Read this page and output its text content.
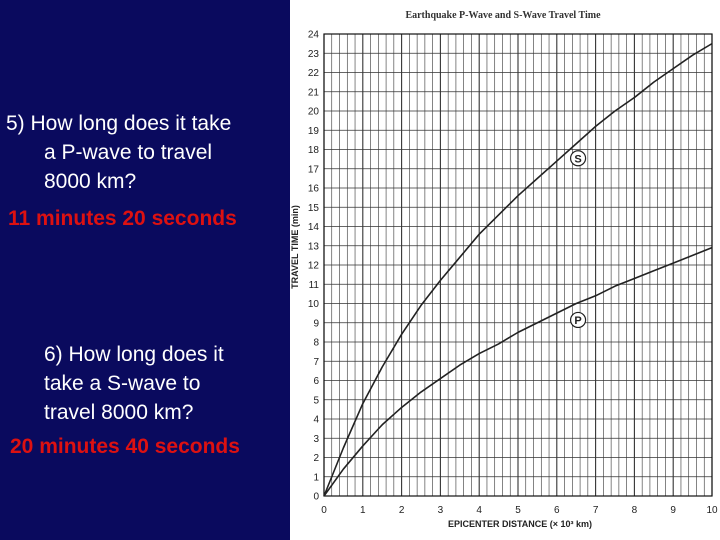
5) How long does it take
a P-wave to travel
8000 km?
11 minutes 20 seconds
6) How long does it
take a S-wave to
travel 8000 km?
20 minutes 40 seconds
Earthquake P-Wave and S-Wave Travel Time
0	1	2	3	4	5	6	7	8	9	10
0
1
2
3
4
5
6
7
8
9
10
11
12
13
14
15
16
17
18
19
20
21
22
23
24
S
P
TRAVEL TIME (min)
EPICENTER DISTANCE (× 10³ km)
